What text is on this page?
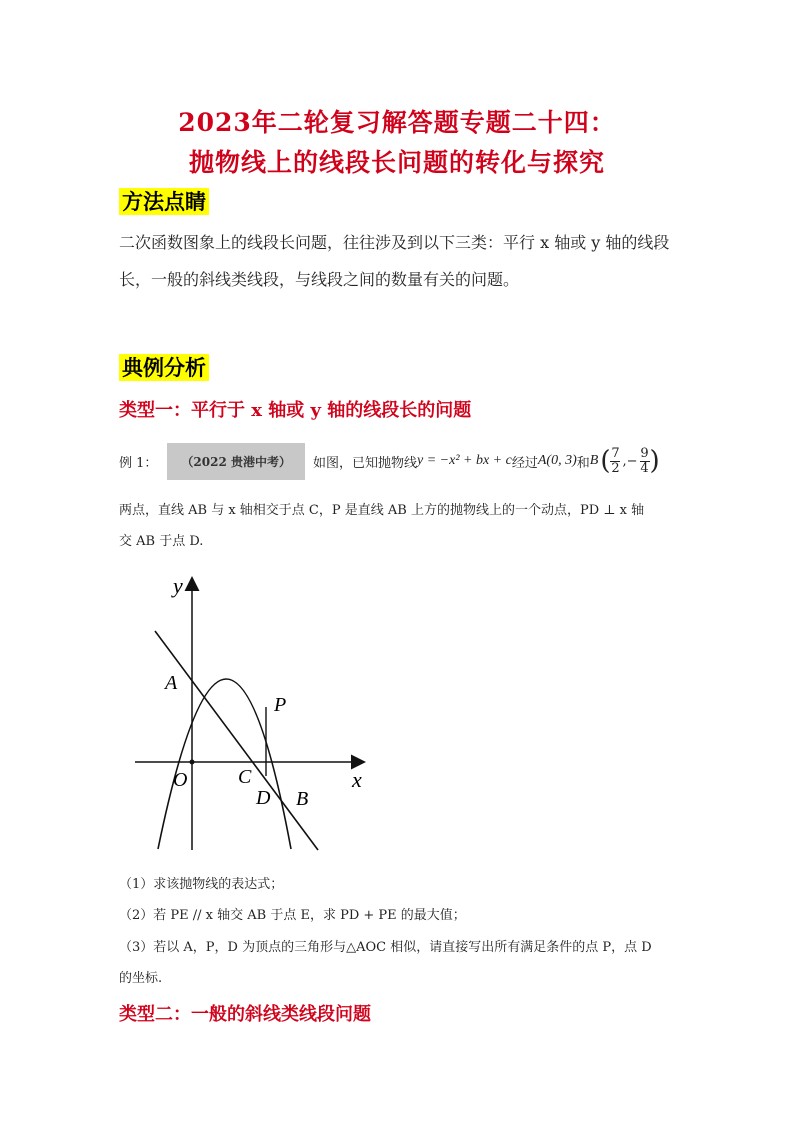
2023年二轮复习解答题专题二十四：
抛物线上的线段长问题的转化与探究
方法点睛
二次函数图象上的线段长问题，往往涉及到以下三类：平行 x 轴或 y 轴的线段长，一般的斜线类线段，与线段之间的数量有关的问题。
典例分析
类型一：平行于 x 轴或 y 轴的线段长的问题
例 1：	（2022 贵港中考）	如图，已知抛物线 y = −x² + bx + c 经过 A(0, 3) 和 B ( 7
2 ,−
9
4 )
两点，直线 AB 与 x 轴相交于点 C，P 是直线 AB 上方的抛物线上的一个动点，PD ⊥ x 轴
交 AB 于点 D.
y
x
A
O	C
D B
P
（1）求该抛物线的表达式；
（2）若 PE // x 轴交 AB 于点 E，求 PD + PE 的最大值；
（3）若以 A，P，D 为顶点的三角形与△AOC 相似，请直接写出所有满足条件的点 P，点 D
的坐标.
类型二：一般的斜线类线段问题
